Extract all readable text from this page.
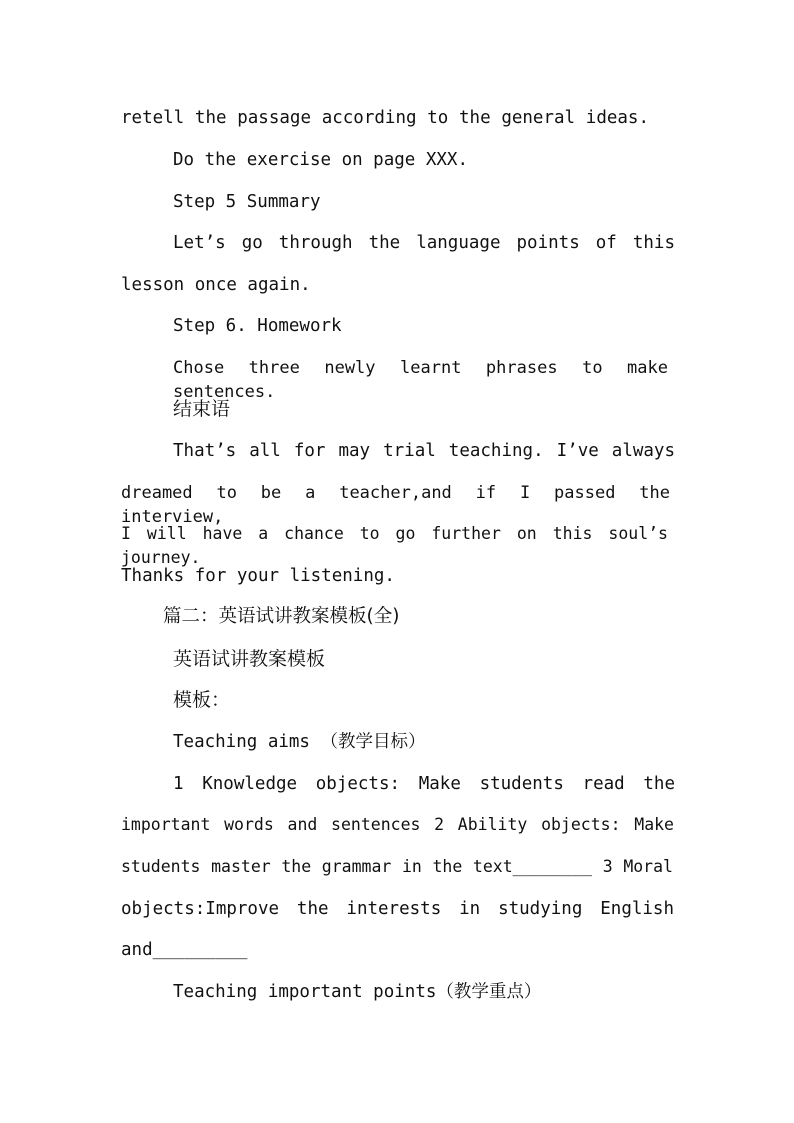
retell the passage according to the general ideas.
Do the exercise on page XXX.
Step 5 Summary
Let’s go through the language points of this
lesson once again.
Step 6. Homework
Chose three newly learnt phrases to make sentences.
结束语
That’s all for may trial teaching. I’ve always
dreamed to be a teacher,and if I passed the interview,
I will have a chance to go further on this soul’s journey.
Thanks for your listening.
篇二：英语试讲教案模板(全)
英语试讲教案模板
模板：
Teaching aims （教学目标）
1 Knowledge objects: Make students read the
important words and sentences 2 Ability objects: Make
students master the grammar in the text________ 3 Moral
objects:Improve the interests in studying English
and_________
Teaching important points（教学重点）
